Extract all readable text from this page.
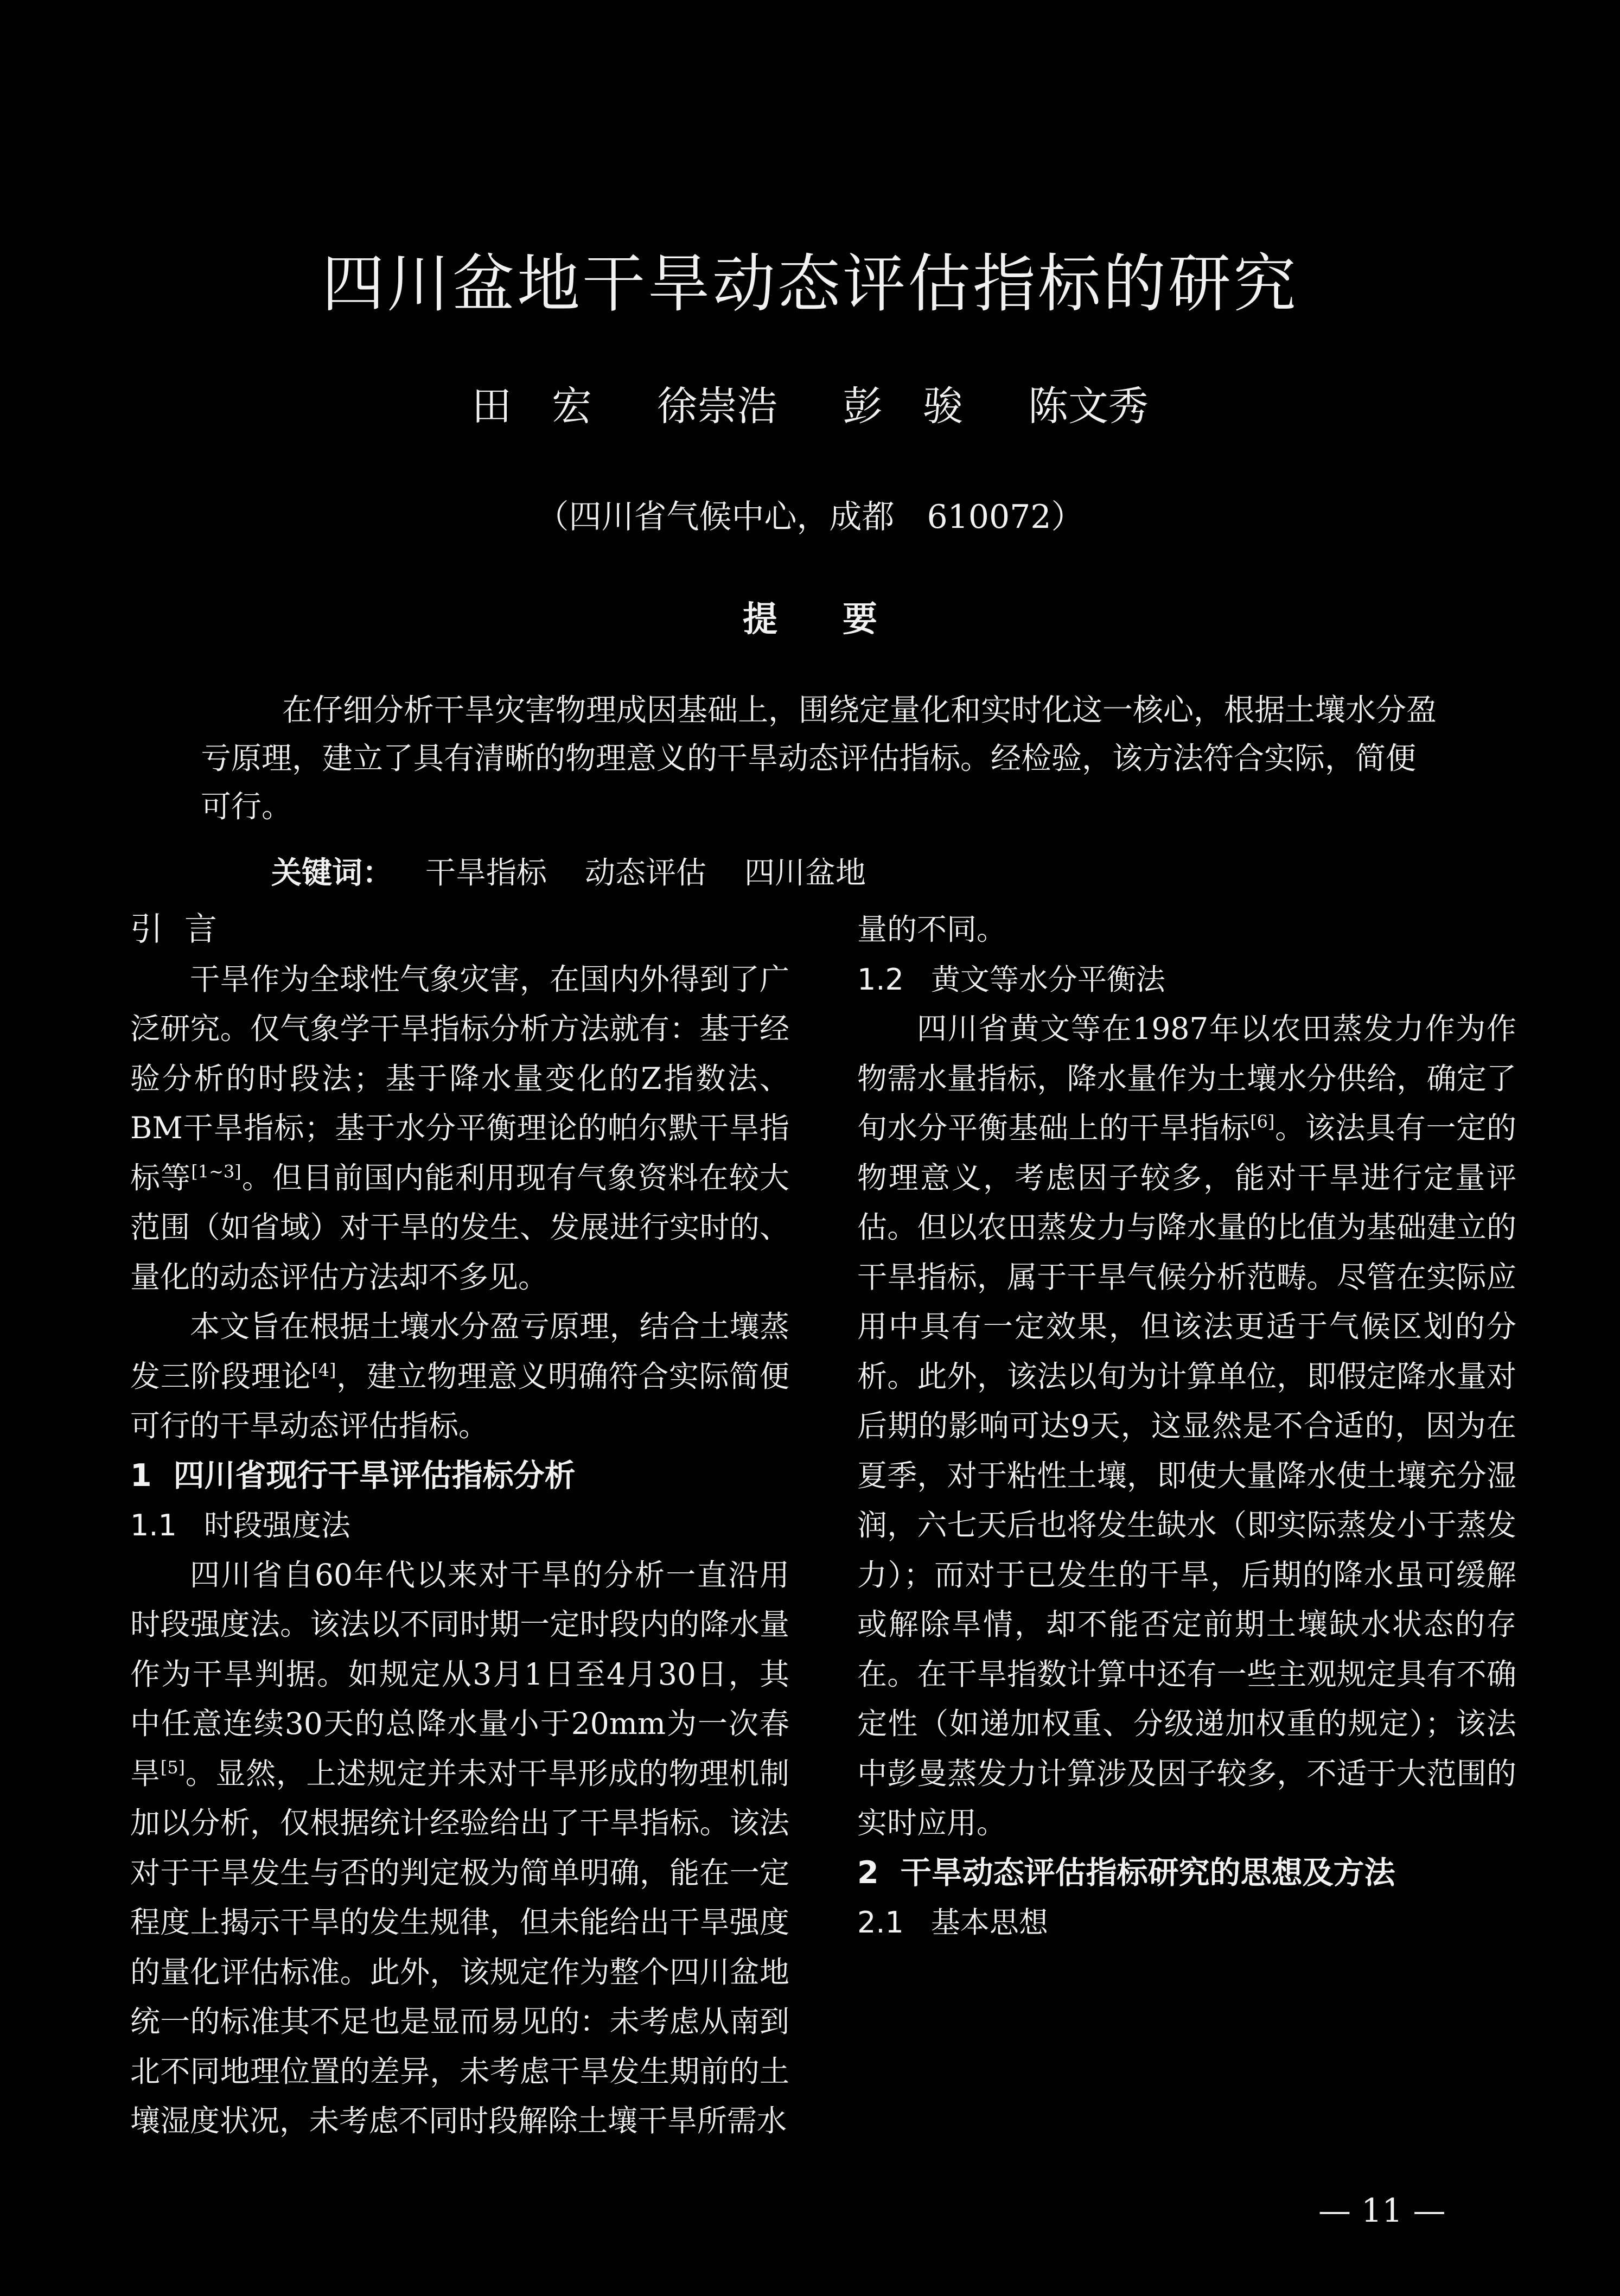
四川盆地干旱动态评估指标的研究
田　宏 徐崇浩 彭　骏 陈文秀
（四川省气候中心，成都　610072）
提 要
在仔细分析干旱灾害物理成因基础上，围绕定量化和实时化这一核心，根据土壤水分盈亏原理，建立了具有清晰的物理意义的干旱动态评估指标。经检验，该方法符合实际，简便可行。
关键词： 干旱指标 动态评估 四川盆地
引言

干旱作为全球性气象灾害，在国内外得到了广泛研究。仅气象学干旱指标分析方法就有：基于经验分析的时段法；基于降水量变化的Z指数法、BM干旱指标；基于水分平衡理论的帕尔默干旱指标等[1~3]。但目前国内能利用现有气象资料在较大范围（如省域）对干旱的发生、发展进行实时的、量化的动态评估方法却不多见。

本文旨在根据土壤水分盈亏原理，结合土壤蒸发三阶段理论[4]，建立物理意义明确符合实际简便可行的干旱动态评估指标。

1 四川省现行干旱评估指标分析
1.1 时段强度法

四川省自60年代以来对干旱的分析一直沿用时段强度法。该法以不同时期一定时段内的降水量作为干旱判据。如规定从3月1日至4月30日，其中任意连续30天的总降水量小于20mm为一次春旱[5]。显然，上述规定并未对干旱形成的物理机制加以分析，仅根据统计经验给出了干旱指标。该法对于干旱发生与否的判定极为简单明确，能在一定程度上揭示干旱的发生规律，但未能给出干旱强度的量化评估标准。此外，该规定作为整个四川盆地统一的标准其不足也是显而易见的：未考虑从南到北不同地理位置的差异，未考虑干旱发生期前的土壤湿度状况，未考虑不同时段解除土壤干旱所需水

量的不同。

1.2 黄文等水分平衡法

四川省黄文等在1987年以农田蒸发力作为作物需水量指标，降水量作为土壤水分供给，确定了旬水分平衡基础上的干旱指标[6]。该法具有一定的物理意义，考虑因子较多，能对干旱进行定量评估。但以农田蒸发力与降水量的比值为基础建立的干旱指标，属于干旱气候分析范畴。尽管在实际应用中具有一定效果，但该法更适于气候区划的分析。此外，该法以旬为计算单位，即假定降水量对后期的影响可达9天，这显然是不合适的，因为在夏季，对于粘性土壤，即使大量降水使土壤充分湿润，六七天后也将发生缺水（即实际蒸发小于蒸发力）；而对于已发生的干旱，后期的降水虽可缓解或解除旱情，却不能否定前期土壤缺水状态的存在。在干旱指数计算中还有一些主观规定具有不确定性（如递加权重、分级递加权重的规定）；该法中彭曼蒸发力计算涉及因子较多，不适于大范围的实时应用。

2 干旱动态评估指标研究的思想及方法
2.1 基本思想
— 11 —
